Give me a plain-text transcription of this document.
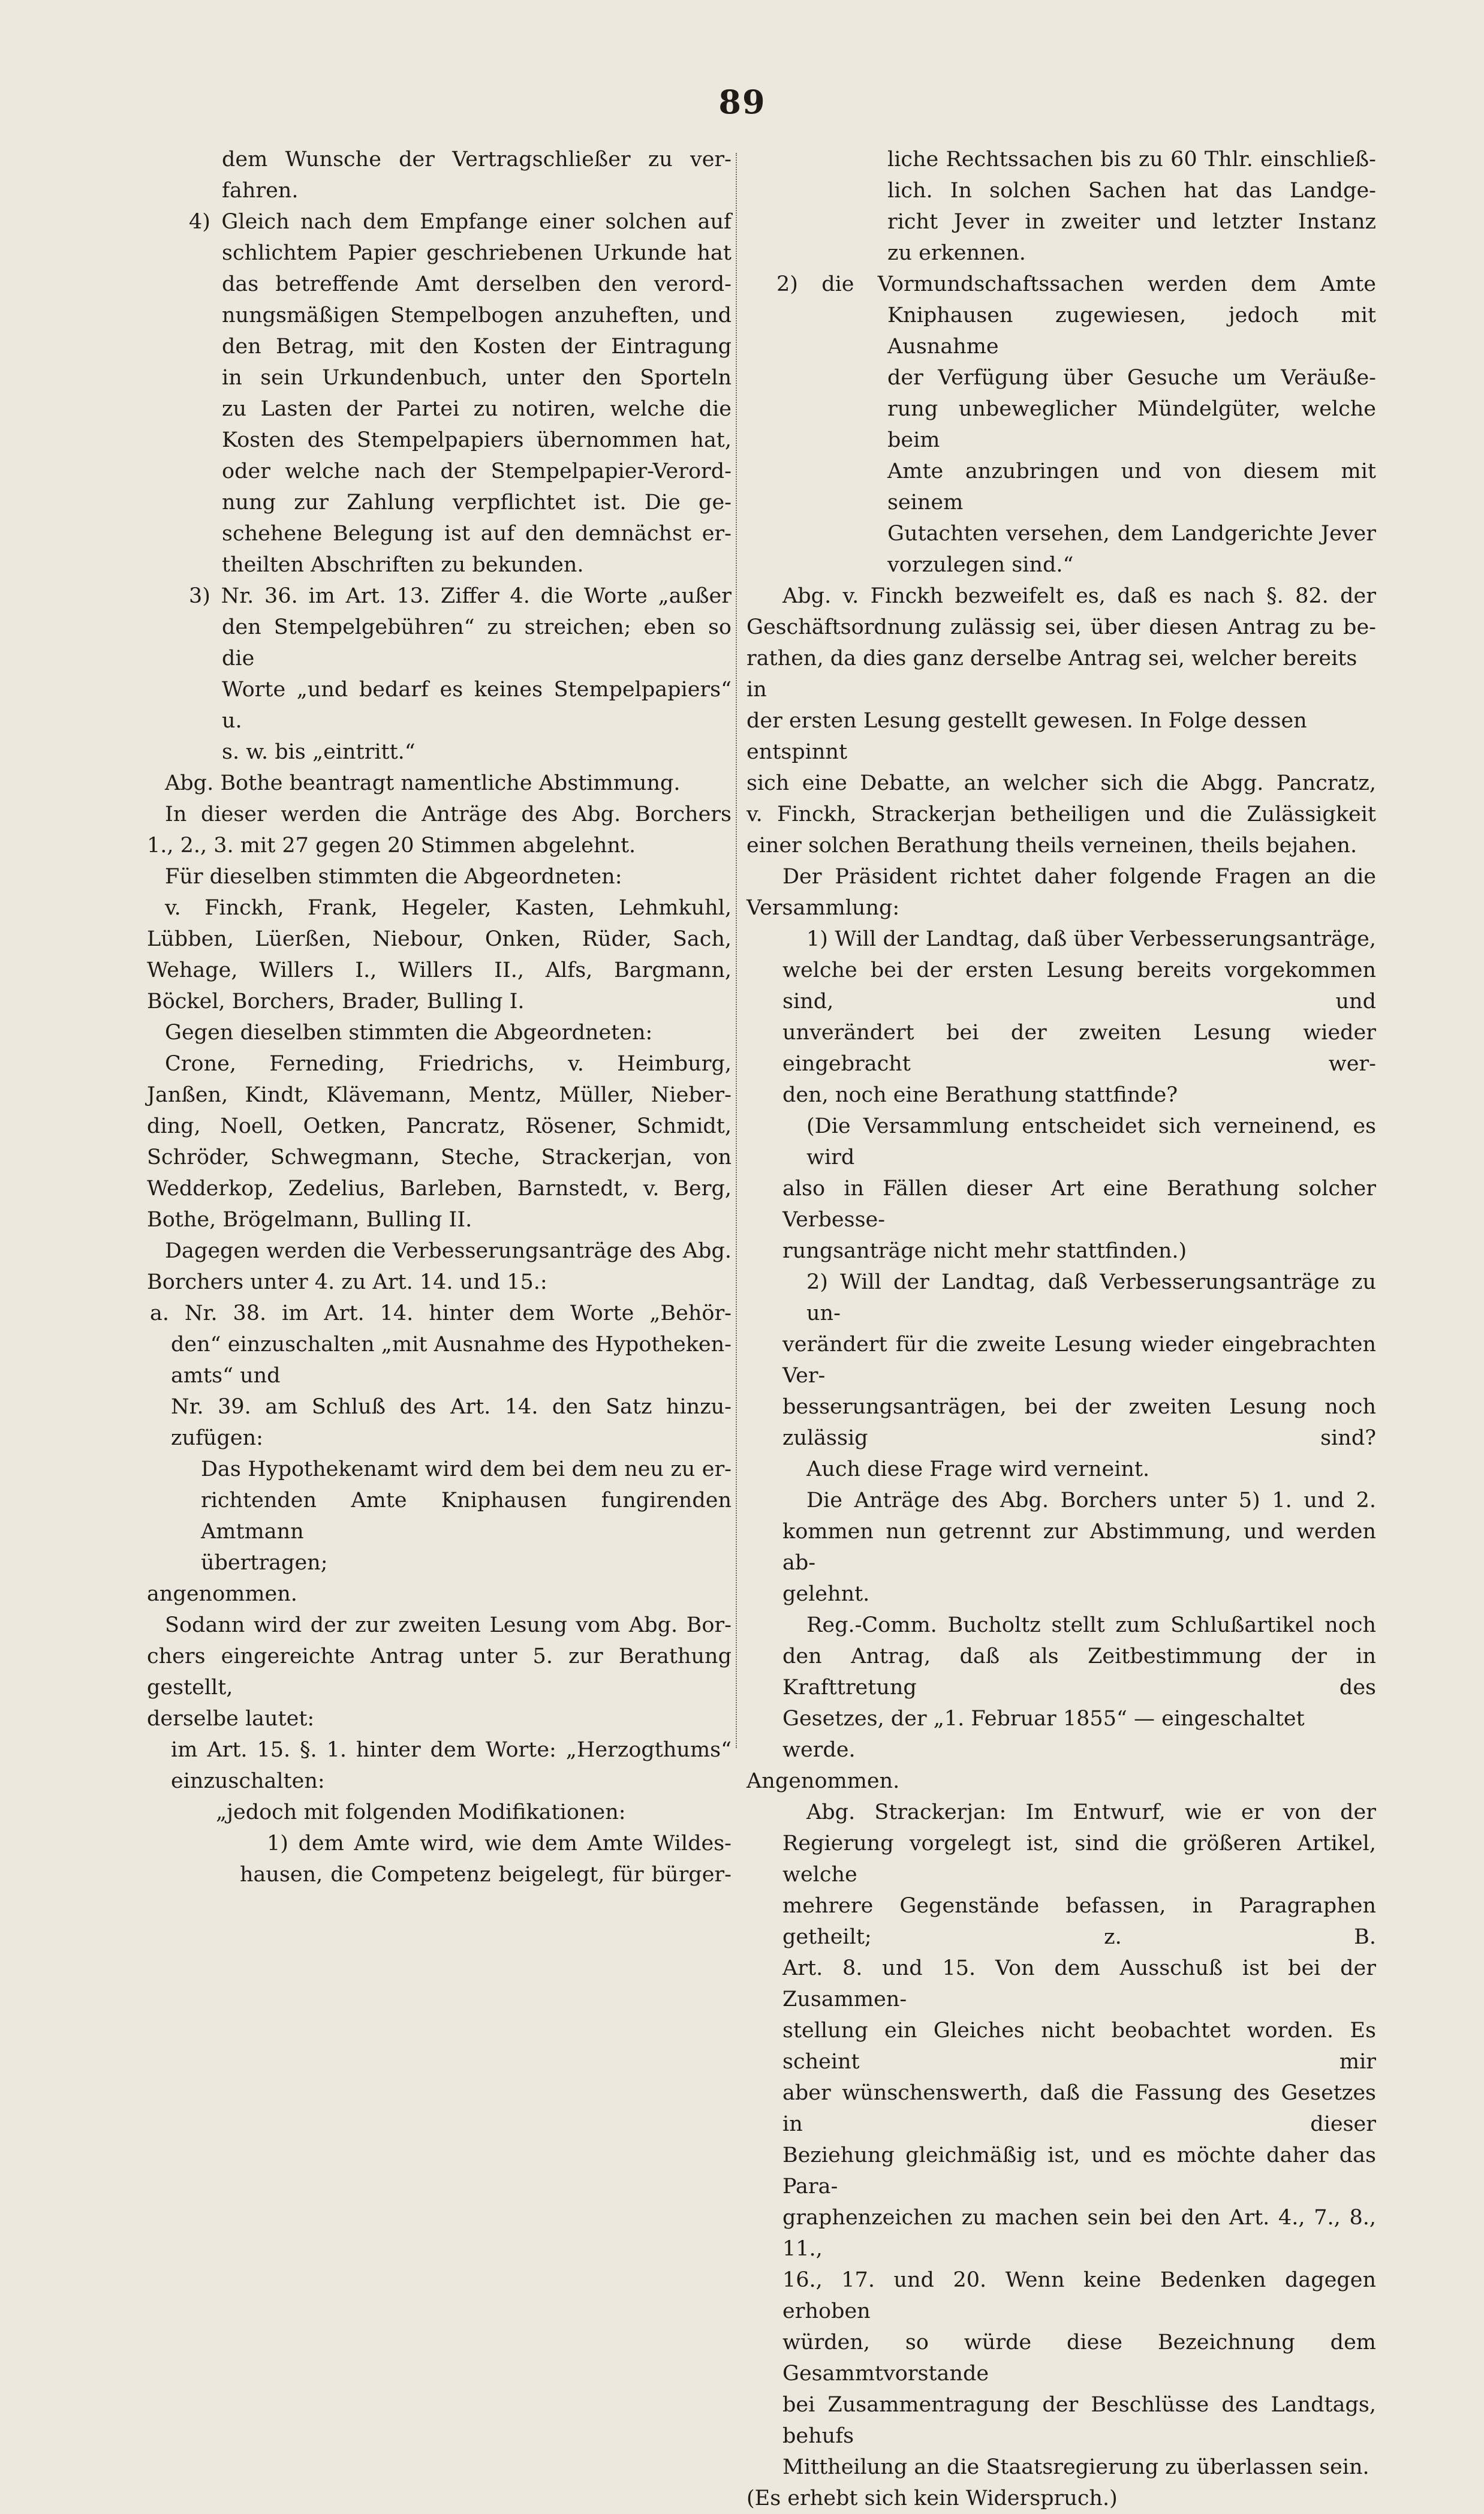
89
dem Wunsche der Vertragschließer zu ver-
fahren.
4) Gleich nach dem Empfange einer solchen auf
schlichtem Papier geschriebenen Urkunde hat
das betreffende Amt derselben den verord-
nungsmäßigen Stempelbogen anzuheften, und
den Betrag, mit den Kosten der Eintragung
in sein Urkundenbuch, unter den Sporteln
zu Lasten der Partei zu notiren, welche die
Kosten des Stempelpapiers übernommen hat,
oder welche nach der Stempelpapier-Verord-
nung zur Zahlung verpflichtet ist. Die ge-
schehene Belegung ist auf den demnächst er-
theilten Abschriften zu bekunden.
3) Nr. 36. im Art. 13. Ziffer 4. die Worte „außer
den Stempelgebühren“ zu streichen; eben so die
Worte „und bedarf es keines Stempelpapiers“ u.
s. w. bis „eintritt.“
Abg. Bothe beantragt namentliche Abstimmung.
In dieser werden die Anträge des Abg. Borchers
1., 2., 3. mit 27 gegen 20 Stimmen abgelehnt.
Für dieselben stimmten die Abgeordneten:
v. Finckh, Frank, Hegeler, Kasten, Lehmkuhl,
Lübben, Lüerßen, Niebour, Onken, Rüder, Sach,
Wehage, Willers I., Willers II., Alfs, Bargmann,
Böckel, Borchers, Brader, Bulling I.
Gegen dieselben stimmten die Abgeordneten:
Crone, Ferneding, Friedrichs, v. Heimburg,
Janßen, Kindt, Klävemann, Mentz, Müller, Nieber-
ding, Noell, Oetken, Pancratz, Rösener, Schmidt,
Schröder, Schwegmann, Steche, Strackerjan, von
Wedderkop, Zedelius, Barleben, Barnstedt, v. Berg,
Bothe, Brögelmann, Bulling II.
Dagegen werden die Verbesserungsanträge des Abg.
Borchers unter 4. zu Art. 14. und 15.:
a. Nr. 38. im Art. 14. hinter dem Worte „Behör-
den“ einzuschalten „mit Ausnahme des Hypotheken-
amts“ und
Nr. 39. am Schluß des Art. 14. den Satz hinzu-
zufügen:
Das Hypothekenamt wird dem bei dem neu zu er-
richtenden Amte Kniphausen fungirenden Amtmann
übertragen;
angenommen.
Sodann wird der zur zweiten Lesung vom Abg. Bor-
chers eingereichte Antrag unter 5. zur Berathung gestellt,
derselbe lautet:
im Art. 15. §. 1. hinter dem Worte: „Herzogthums“
einzuschalten:
„jedoch mit folgenden Modifikationen:
1) dem Amte wird, wie dem Amte Wildes-
hausen, die Competenz beigelegt, für bürger-
liche Rechtssachen bis zu 60 Thlr. einschließ-
lich. In solchen Sachen hat das Landge-
richt Jever in zweiter und letzter Instanz
zu erkennen.
2) die Vormundschaftssachen werden dem Amte
Kniphausen zugewiesen, jedoch mit Ausnahme
der Verfügung über Gesuche um Veräuße-
rung unbeweglicher Mündelgüter, welche beim
Amte anzubringen und von diesem mit seinem
Gutachten versehen, dem Landgerichte Jever
vorzulegen sind.“
Abg. v. Finckh bezweifelt es, daß es nach §. 82. der
Geschäftsordnung zulässig sei, über diesen Antrag zu be-
rathen, da dies ganz derselbe Antrag sei, welcher bereits in
der ersten Lesung gestellt gewesen. In Folge dessen entspinnt
sich eine Debatte, an welcher sich die Abgg. Pancratz,
v. Finckh, Strackerjan betheiligen und die Zulässigkeit
einer solchen Berathung theils verneinen, theils bejahen.
Der Präsident richtet daher folgende Fragen an die
Versammlung:
1) Will der Landtag, daß über Verbesserungsanträge,
welche bei der ersten Lesung bereits vorgekommen sind, und
unverändert bei der zweiten Lesung wieder eingebracht wer-
den, noch eine Berathung stattfinde?
(Die Versammlung entscheidet sich verneinend, es wird
also in Fällen dieser Art eine Berathung solcher Verbesse-
rungsanträge nicht mehr stattfinden.)
2) Will der Landtag, daß Verbesserungsanträge zu un-
verändert für die zweite Lesung wieder eingebrachten Ver-
besserungsanträgen, bei der zweiten Lesung noch zulässig sind?
Auch diese Frage wird verneint.
Die Anträge des Abg. Borchers unter 5) 1. und 2.
kommen nun getrennt zur Abstimmung, und werden ab-
gelehnt.
Reg.-Comm. Bucholtz stellt zum Schlußartikel noch
den Antrag, daß als Zeitbestimmung der in Krafttretung des
Gesetzes, der „1. Februar 1855“ — eingeschaltet werde.
Angenommen.
Abg. Strackerjan: Im Entwurf, wie er von der
Regierung vorgelegt ist, sind die größeren Artikel, welche
mehrere Gegenstände befassen, in Paragraphen getheilt; z. B.
Art. 8. und 15. Von dem Ausschuß ist bei der Zusammen-
stellung ein Gleiches nicht beobachtet worden. Es scheint mir
aber wünschenswerth, daß die Fassung des Gesetzes in dieser
Beziehung gleichmäßig ist, und es möchte daher das Para-
graphenzeichen zu machen sein bei den Art. 4., 7., 8., 11.,
16., 17. und 20. Wenn keine Bedenken dagegen erhoben
würden, so würde diese Bezeichnung dem Gesammtvorstande
bei Zusammentragung der Beschlüsse des Landtags, behufs
Mittheilung an die Staatsregierung zu überlassen sein.
(Es erhebt sich kein Widerspruch.)
